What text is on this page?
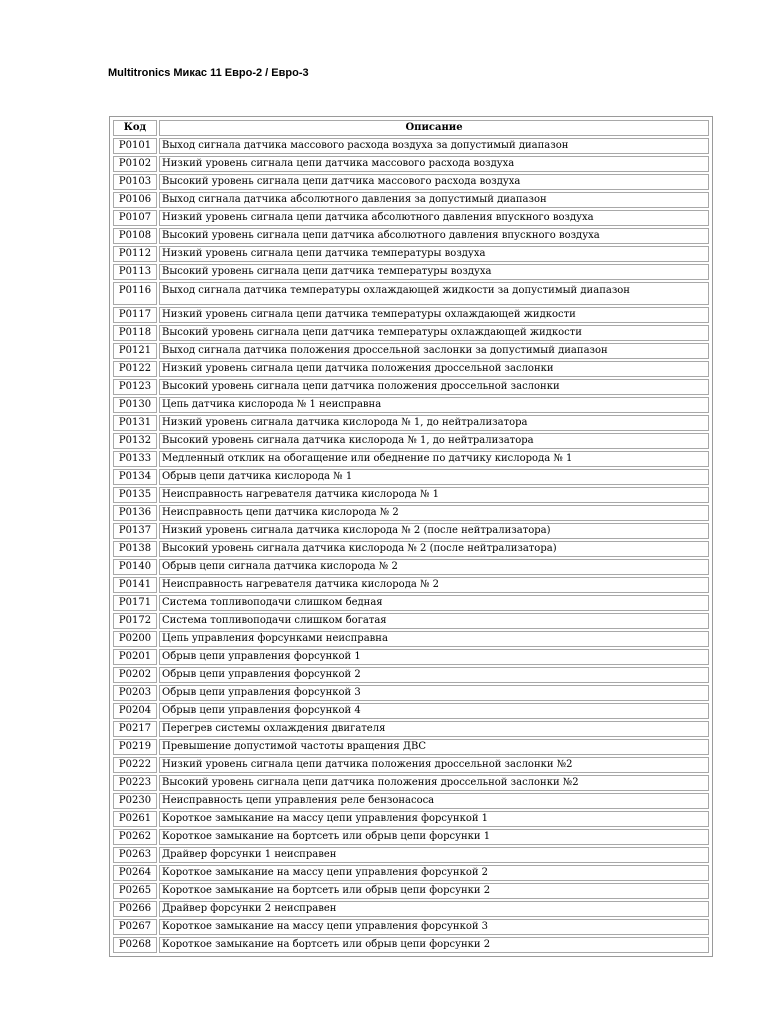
Multitronics Микас 11 Евро-2 / Евро-3
Код	Описание
P0101	Выход сигнала датчика массового расхода воздуха за допустимый диапазон
P0102	Низкий уровень сигнала цепи датчика массового расхода воздуха
P0103	Высокий уровень сигнала цепи датчика массового расхода воздуха
P0106	Выход сигнала датчика абсолютного давления за допустимый диапазон
P0107	Низкий уровень сигнала цепи датчика абсолютного давления впускного воздуха
P0108	Высокий уровень сигнала цепи датчика абсолютного давления впускного воздуха
P0112	Низкий уровень сигнала цепи датчика температуры воздуха
P0113	Высокий уровень сигнала цепи датчика температуры воздуха
P0116	Выход сигнала датчика температуры охлаждающей жидкости за допустимый диапазон
P0117	Низкий уровень сигнала цепи датчика температуры охлаждающей жидкости
P0118	Высокий уровень сигнала цепи датчика температуры охлаждающей жидкости
P0121	Выход сигнала датчика положения дроссельной заслонки за допустимый диапазон
P0122	Низкий уровень сигнала цепи датчика положения дроссельной заслонки
P0123	Высокий уровень сигнала цепи датчика положения дроссельной заслонки
P0130	Цепь датчика кислорода № 1 неисправна
P0131	Низкий уровень сигнала датчика кислорода № 1, до нейтрализатора
P0132	Высокий уровень сигнала датчика кислорода № 1, до нейтрализатора
P0133	Медленный отклик на обогащение или обеднение по датчику кислорода № 1
P0134	Обрыв цепи датчика кислорода № 1
P0135	Неисправность нагревателя датчика кислорода № 1
P0136	Неисправность цепи датчика кислорода № 2
P0137	Низкий уровень сигнала датчика кислорода № 2 (после нейтрализатора)
P0138	Высокий уровень сигнала датчика кислорода № 2 (после нейтрализатора)
P0140	Обрыв цепи сигнала датчика кислорода № 2
P0141	Неисправность нагревателя датчика кислорода № 2
P0171	Система топливоподачи слишком бедная
P0172	Система топливоподачи слишком богатая
P0200	Цепь управления форсунками неисправна
P0201	Обрыв цепи управления форсункой 1
P0202	Обрыв цепи управления форсункой 2
P0203	Обрыв цепи управления форсункой 3
P0204	Обрыв цепи управления форсункой 4
P0217	Перегрев системы охлаждения двигателя
P0219	Превышение допустимой частоты вращения ДВС
P0222	Низкий уровень сигнала цепи датчика положения дроссельной заслонки №2
P0223	Высокий уровень сигнала цепи датчика положения дроссельной заслонки №2
P0230	Неисправность цепи управления реле бензонасоса
P0261	Короткое замыкание на массу цепи управления форсункой 1
P0262	Короткое замыкание на бортсеть или обрыв цепи форсунки 1
P0263	Драйвер форсунки 1 неисправен
P0264	Короткое замыкание на массу цепи управления форсункой 2
P0265	Короткое замыкание на бортсеть или обрыв цепи форсунки 2
P0266	Драйвер форсунки 2 неисправен
P0267	Короткое замыкание на массу цепи управления форсункой 3
P0268	Короткое замыкание на бортсеть или обрыв цепи форсунки 2
